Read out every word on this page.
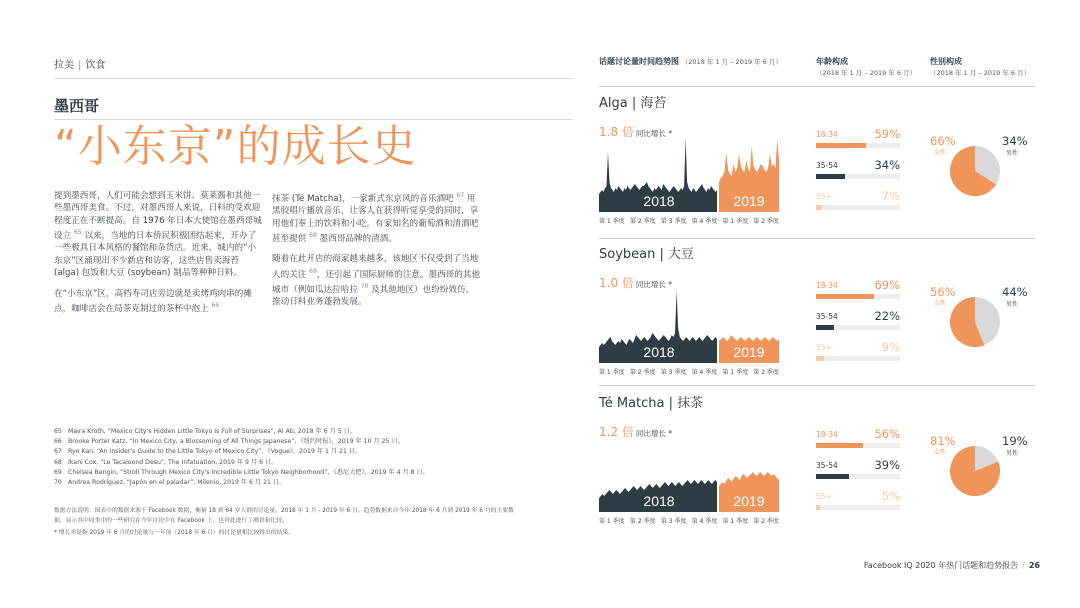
拉美 | 饮食
墨西哥
“小东京”的成长史

提到墨西哥，人们可能会想到玉米饼、莫莱酱和其他一些墨西哥美食。不过，对墨西哥人来说，日料的受欢迎程度正在不断提高。自 1976 年日本大使馆在墨西哥城设立 $^{65}$ 以来，当地的日本侨民积极团结起来，开办了一些极具日本风格的餐馆和杂货店。近来，城内的“小东京”区涌现出不少新店和访客，这些店售卖海苔 (alga) 包饭和大豆 (soybean) 制品等种种日料。

在“小东京”区，高档寿司店旁边就是卖烤鸡肉串的摊点，咖啡店会在局茶克制过的茶杯中泡上 $^{66}$

抹茶 (Té Matcha)，一家新式东京风的音乐酒吧 $^{67}$ 用黑胶唱片播放音乐，让客人在获得听觉享受的同时，享用他们奉上的饮料和小吃。有家知名的葡萄酒和清酒吧甚至提供 $^{68}$ 墨西哥品牌的清酒。

随着在此开店的商家越来越多，该地区不仅受到了当地人的关注 $^{69}$，还引起了国际厨师的注意。墨西哥的其他城市（例如瓜达拉哈拉 $^{70}$ 及其他地区）也纷纷效仿，推动日料业务蓬勃发展。

65 Maira Kroth, “Mexico City's Hidden Little Tokyo Is Full of Surprises”, Al Ati, 2018 年 6 月 5 日。
66 Brooke Porter Katz, “In Mexico City, a Blossoming of All Things Japanese”，《纽约时报》，2019 年 10 月 25 日。
67 Ryo Kan, “An Insider's Guide to the Little Tokyo of Mexico City”，《Vogue》，2019 年 1 月 21 日。
68 Ikani Cox, “Le Tacaloond Desu”, The Infatuation, 2019 年 9 月 6 日。
69 Chelsea Bengin, “Stroll Through Mexico City's Incredible Little Tokyo Neighborhood”，《悉尼大把》，2019 年 4 月 8 日。
70 Andrea Rodríguez, “Japón en el paladar”, Milenio, 2019 年 6 月 21 日。

数据方法说明：图表中的数据来源于 Facebook 数据，衡量 18 到 64 岁人群的讨论量，2018 年 1 月 - 2019 年 6 月。趋势数据来自今年 2018 年 6 月到 2019 年 6 月的主要数据，显示其中同类中的一些研究在今年讨论中在 Facebook 上，也对此进行了测算和比较。

* 增长率是指 2019 年 6 月的讨论量与一年前（2018 年 6 月）的讨论量相比较得出的结果。

话题讨论量时间趋势图 （2018 年 1 月 – 2019 年 6 月）	年龄构成
（2018 年 1 月 – 2019 年 6 月）
性别构成
（2018 年 1 月 – 2019 年 6 月）
Alga | 海苔
1.8 倍 同比增长 *
2018	2019
第 1 季度 第 2 季度 第 3 季度 第 4 季度 第 1 季度 第 2 季度
18-34	59%
35-54	34%
55+	7%
66%
女性
34%
男性
Soybean | 大豆
1.0 倍 同比增长 *
2018	2019
第 1 季度 第 2 季度 第 3 季度 第 4 季度 第 1 季度 第 2 季度
18-34	69%
35-54	22%
55+	9%
56%
女性
44%
男性
Té Matcha | 抹茶
1.2 倍 同比增长 *
2018	2019
第 1 季度 第 2 季度 第 3 季度 第 4 季度 第 1 季度 第 2 季度
18-34	56%
35-54	39%
55+	5%
81%
女性
19%
男性
Facebook IQ 2020 年热门话题和趋势报告 / 26
